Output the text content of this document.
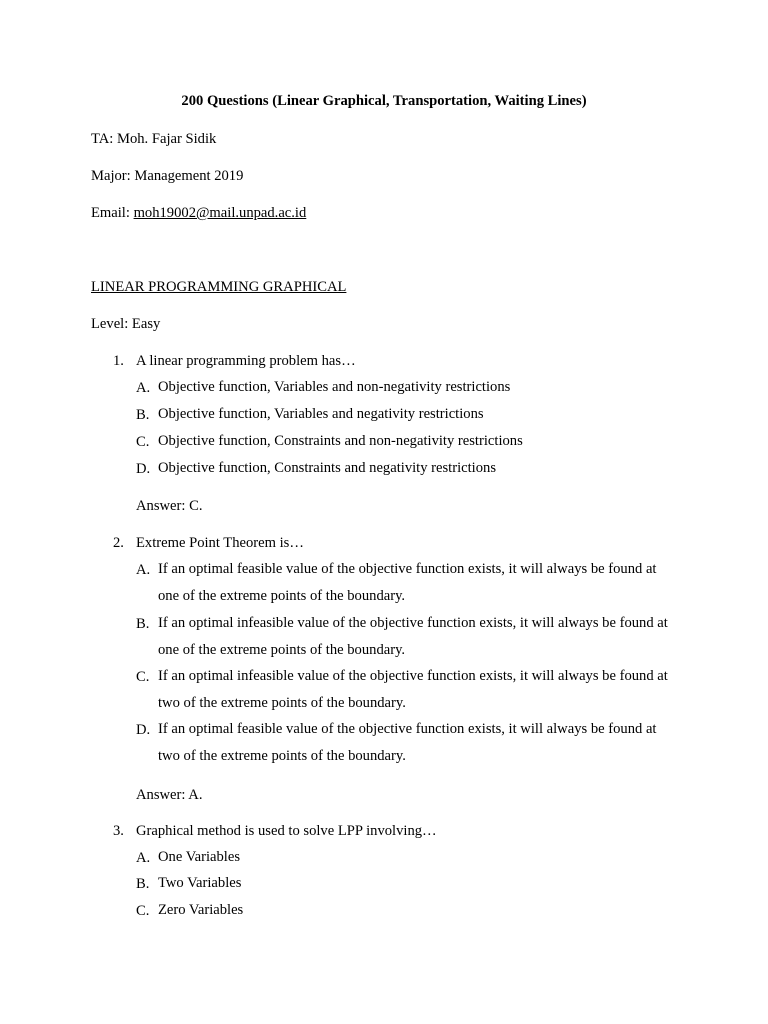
200 Questions (Linear Graphical, Transportation, Waiting Lines)
TA: Moh. Fajar Sidik
Major: Management 2019
Email: moh19002@mail.unpad.ac.id
LINEAR PROGRAMMING GRAPHICAL
Level: Easy
1. A linear programming problem has…
A. Objective function, Variables and non-negativity restrictions
B. Objective function, Variables and negativity restrictions
C. Objective function, Constraints and non-negativity restrictions
D. Objective function, Constraints and negativity restrictions
Answer: C.
2. Extreme Point Theorem is…
A. If an optimal feasible value of the objective function exists, it will always be found at one of the extreme points of the boundary.
B. If an optimal infeasible value of the objective function exists, it will always be found at one of the extreme points of the boundary.
C. If an optimal infeasible value of the objective function exists, it will always be found at two of the extreme points of the boundary.
D. If an optimal feasible value of the objective function exists, it will always be found at two of the extreme points of the boundary.
Answer: A.
3. Graphical method is used to solve LPP involving…
A. One Variables
B. Two Variables
C. Zero Variables
